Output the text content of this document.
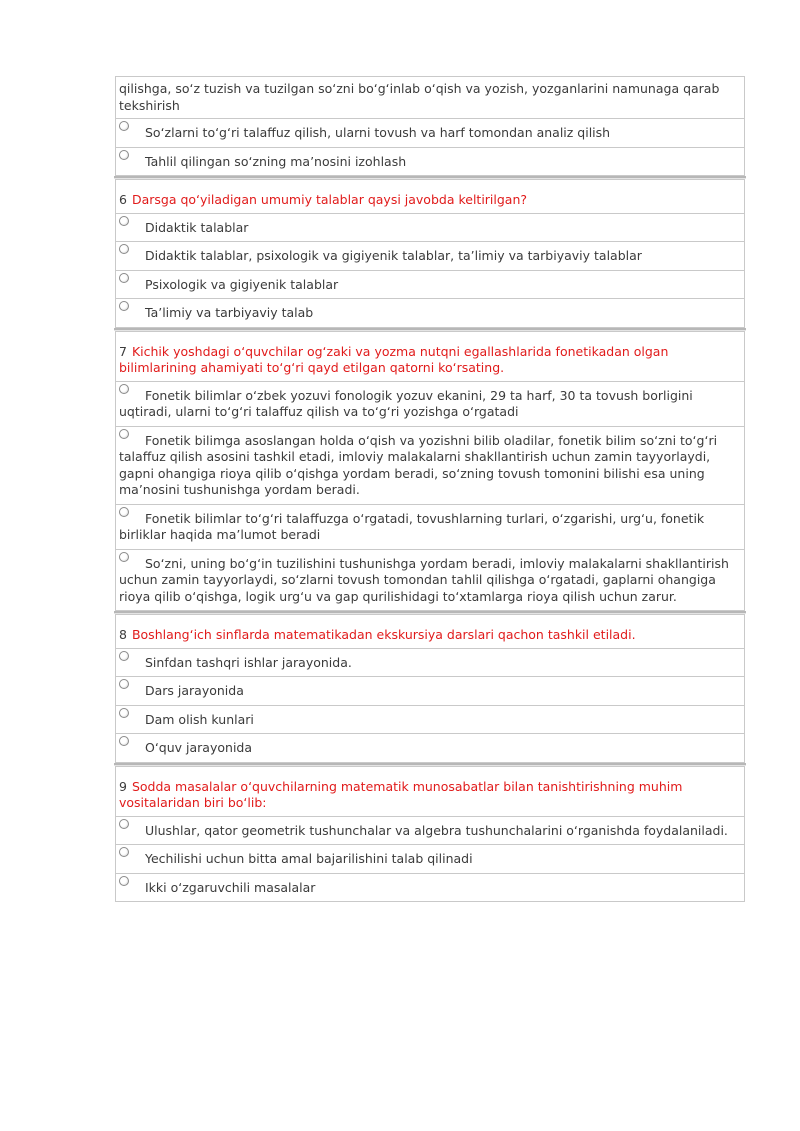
qilishga, so‘z tuzish va tuzilgan so‘zni bo‘g‘inlab o‘qish va yozish, yozganlarini namunaga qarab tekshirish
So‘zlarni to‘g‘ri talaffuz qilish, ularni tovush va harf tomondan analiz qilish
Tahlil qilingan so‘zning ma’nosini izohlash
6 Darsga qo‘yiladigan umumiy talablar qaysi javobda keltirilgan?
Didaktik talablar
Didaktik talablar, psixologik va gigiyenik talablar, ta’limiy va tarbiyaviy talablar
Psixologik va gigiyenik talablar
Ta’limiy va tarbiyaviy talab
7 Kichik yoshdagi o‘quvchilar og‘zaki va yozma nutqni egallashlarida fonetikadan olgan bilimlarining ahamiyati to‘g‘ri qayd etilgan qatorni ko‘rsating.
Fonetik bilimlar o‘zbek yozuvi fonologik yozuv ekanini, 29 ta harf, 30 ta tovush borligini uqtiradi, ularni to‘g‘ri talaffuz qilish va to‘g‘ri yozishga o‘rgatadi
Fonetik bilimga asoslangan holda o‘qish va yozishni bilib oladilar, fonetik bilim so‘zni to‘g‘ri talaffuz qilish asosini tashkil etadi, imloviy malakalarni shakllantirish uchun zamin tayyorlaydi, gapni ohangiga rioya qilib o‘qishga yordam beradi, so‘zning tovush tomonini bilishi esa uning ma’nosini tushunishga yordam beradi.
Fonetik bilimlar to‘g‘ri talaffuzga o‘rgatadi, tovushlarning turlari, o‘zgarishi, urg‘u, fonetik birliklar haqida ma’lumot beradi
So‘zni, uning bo‘g‘in tuzilishini tushunishga yordam beradi, imloviy malakalarni shakllantirish uchun zamin tayyorlaydi, so‘zlarni tovush tomondan tahlil qilishga o‘rgatadi, gaplarni ohangiga rioya qilib o‘qishga, logik urg‘u va gap qurilishidagi to‘xtamlarga rioya qilish uchun zarur.
8 Boshlang‘ich sinflarda matematikadan ekskursiya darslari qachon tashkil etiladi.
Sinfdan tashqri ishlar jarayonida.
Dars jarayonida
Dam olish kunlari
O‘quv jarayonida
9 Sodda masalalar o‘quvchilarning matematik munosabatlar bilan tanishtirishning muhim vositalaridan biri bo‘lib:
Ulushlar, qator geometrik tushunchalar va algebra tushunchalarini o‘rganishda foydalaniladi.
Yechilishi uchun bitta amal bajarilishini talab qilinadi
Ikki o‘zgaruvchili masalalar
